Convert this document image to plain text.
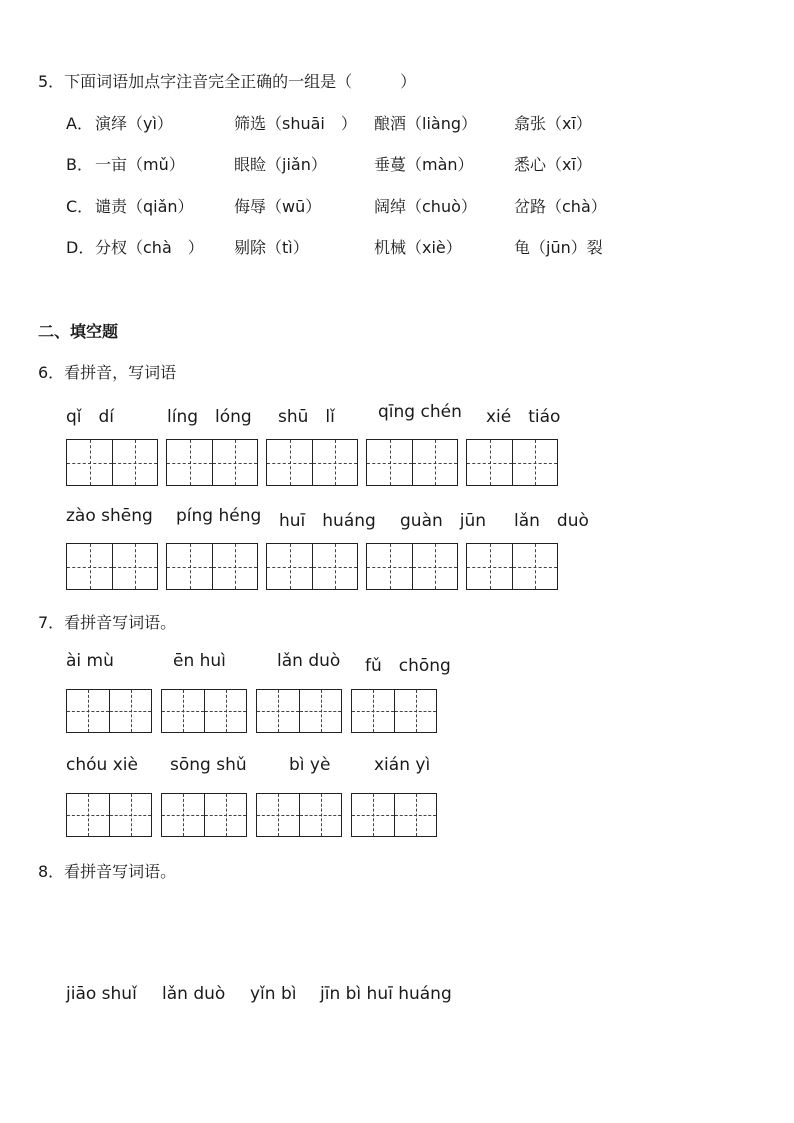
5．下面词语加点字注音完全正确的一组是（　　　）
A． 演绎（yì）	筛选（shuāi　） 酿酒（liàng） 翕张（xī）
B． 一亩（mǔ）	眼睑（jiǎn）	垂蔓（màn）	悉心（xī）
C． 谴责（qiǎn）	侮辱（wū）	阔绰（chuò） 岔路（chà）
D． 分杈（chà　） 剔除（tì）	机械（xiè）	龟（jūn）裂
二、填空题
6．看拼音，写词语
qǐ　dí	líng　lóng shū　lǐ	qīng chén xié　tiáo
zào shēng píng héng huī　huáng guàn　jūn lǎn　duò
7．看拼音写词语。
ài mù	ēn huì	lǎn duò fǔ　chōng
chóu xiè sōng shǔ bì yè	xián yì
8．看拼音写词语。
jiāo shuǐ lǎn duò yǐn bì jīn bì huī huáng
